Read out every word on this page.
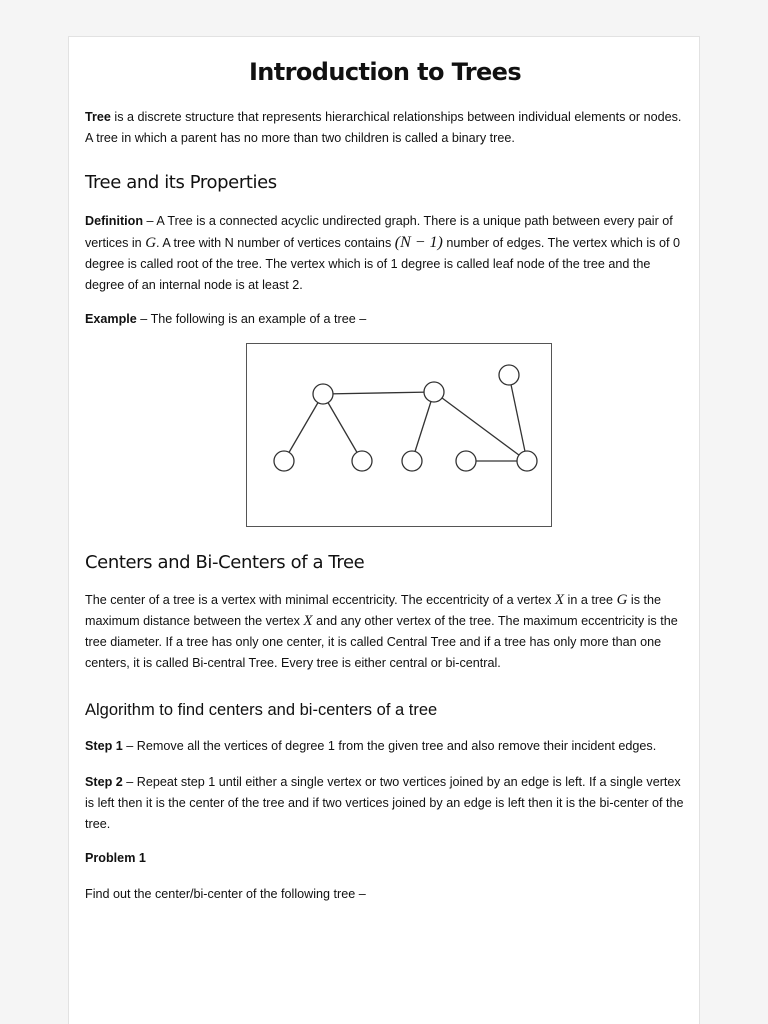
Introduction to Trees

Tree is a discrete structure that represents hierarchical relationships between individual elements or nodes. A tree in which a parent has no more than two children is called a binary tree.

Tree and its Properties

Definition – A Tree is a connected acyclic undirected graph. There is a unique path between every pair of vertices in G. A tree with N number of vertices contains (N − 1) number of edges. The vertex which is of 0 degree is called root of the tree. The vertex which is of 1 degree is called leaf node of the tree and the degree of an internal node is at least 2.

Example – The following is an example of a tree –

Centers and Bi-Centers of a Tree

The center of a tree is a vertex with minimal eccentricity. The eccentricity of a vertex X in a tree G is the maximum distance between the vertex X and any other vertex of the tree. The maximum eccentricity is the tree diameter. If a tree has only one center, it is called Central Tree and if a tree has only more than one centers, it is called Bi-central Tree. Every tree is either central or bi-central.

Algorithm to find centers and bi-centers of a tree

Step 1 – Remove all the vertices of degree 1 from the given tree and also remove their incident edges.

Step 2 – Repeat step 1 until either a single vertex or two vertices joined by an edge is left. If a single vertex is left then it is the center of the tree and if two vertices joined by an edge is left then it is the bi-center of the tree.

Problem 1

Find out the center/bi-center of the following tree –
